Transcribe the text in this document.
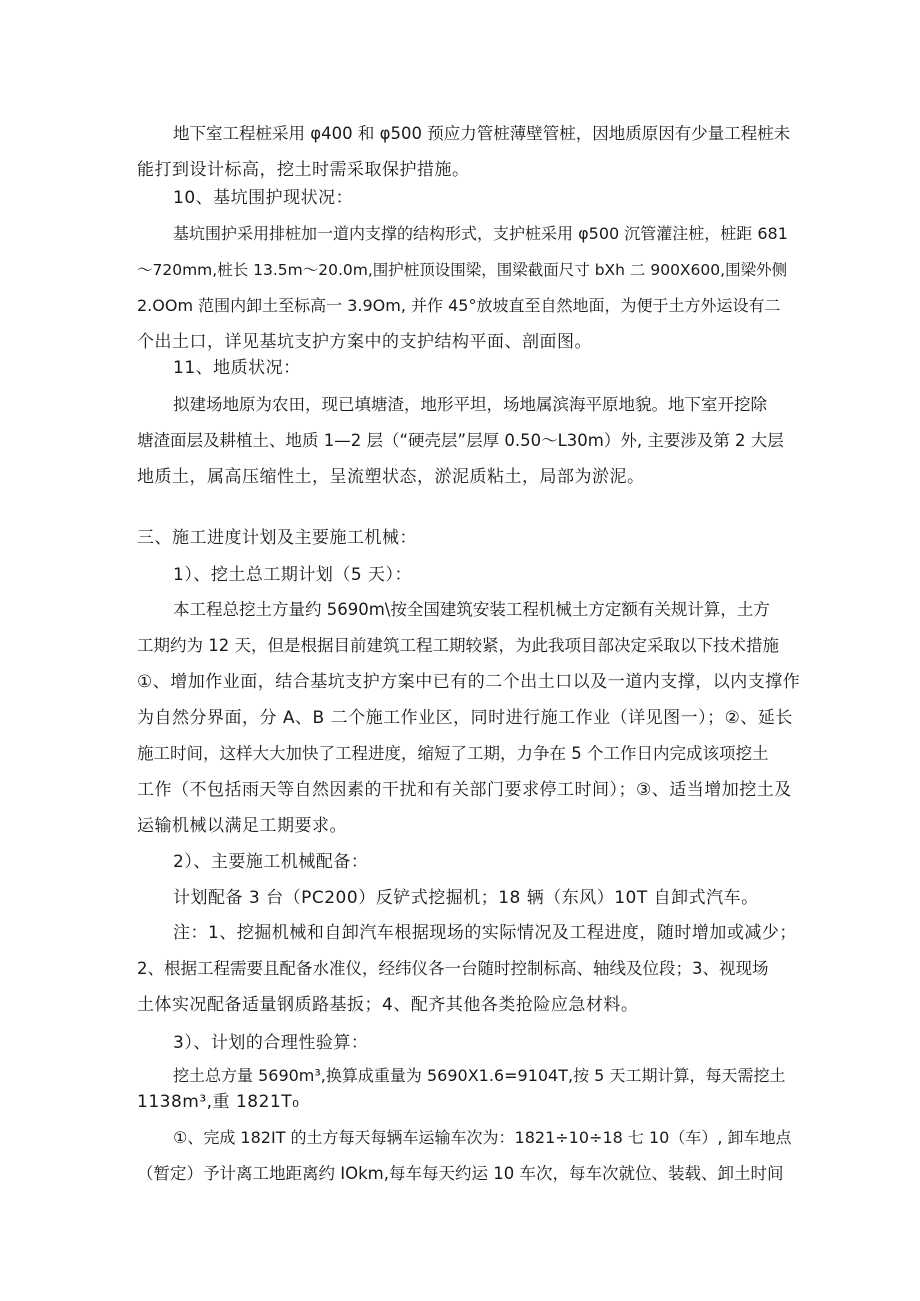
地下室工程桩采用 φ400 和 φ500 预应力管桩薄壁管桩，因地质原因有少量工程桩未
能打到设计标高，挖土时需采取保护措施。

10、基坑围护现状况：

基坑围护采用排桩加一道内支撑的结构形式，支护桩采用 φ500 沉管灌注桩，桩距 681
～720mm,桩长 13.5m～20.0m,围护桩顶设围梁，围梁截面尺寸 bXh 二 900X600,围梁外侧
2.OOm 范围内卸土至标高一 3.9Om, 并作 45°放坡直至自然地面，为便于土方外运设有二
个出土口，详见基坑支护方案中的支护结构平面、剖面图。

11、地质状况：

拟建场地原为农田，现已填塘渣，地形平坦，场地属滨海平原地貌。地下室开挖除
塘渣面层及耕植土、地质 1—2 层（“硬壳层”层厚 0.50～L30m）外, 主要涉及第 2 大层
地质土，属高压缩性土，呈流塑状态，淤泥质粘土，局部为淤泥。

三、施工进度计划及主要施工机械：

1）、挖土总工期计划（5 天）：

本工程总挖土方量约 5690m\按全国建筑安装工程机械土方定额有关规计算，土方
工期约为 12 天，但是根据目前建筑工程工期较紧，为此我项目部决定采取以下技术措施
①、增加作业面，结合基坑支护方案中已有的二个出土口以及一道内支撑，以内支撑作
为自然分界面，分 A、B 二个施工作业区，同时进行施工作业（详见图一）；②、延长
施工时间，这样大大加快了工程进度，缩短了工期，力争在 5 个工作日内完成该项挖土
工作（不包括雨天等自然因素的干扰和有关部门要求停工时间）；③、适当增加挖土及
运输机械以满足工期要求。

2）、主要施工机械配备：

计划配备 3 台（PC200）反铲式挖掘机；18 辆（东风）10T 自卸式汽车。

注：1、挖掘机械和自卸汽车根据现场的实际情况及工程进度，随时增加或减少；
2、根据工程需要且配备水准仪，经纬仪各一台随时控制标高、轴线及位段；3、视现场
土体实况配备适量钢质路基扳；4、配齐其他各类抢险应急材料。

3）、计划的合理性验算：

挖土总方量 5690m³,换算成重量为 5690X1.6=9104T,按 5 天工期计算，每天需挖土
1138m³,重 1821T₀

①、完成 182IT 的土方每天每辆车运输车次为：1821÷10÷18 七 10（车）, 卸车地点
（暂定）予计离工地距离约 IOkm,每车每天约运 10 车次，每车次就位、装载、卸土时间
